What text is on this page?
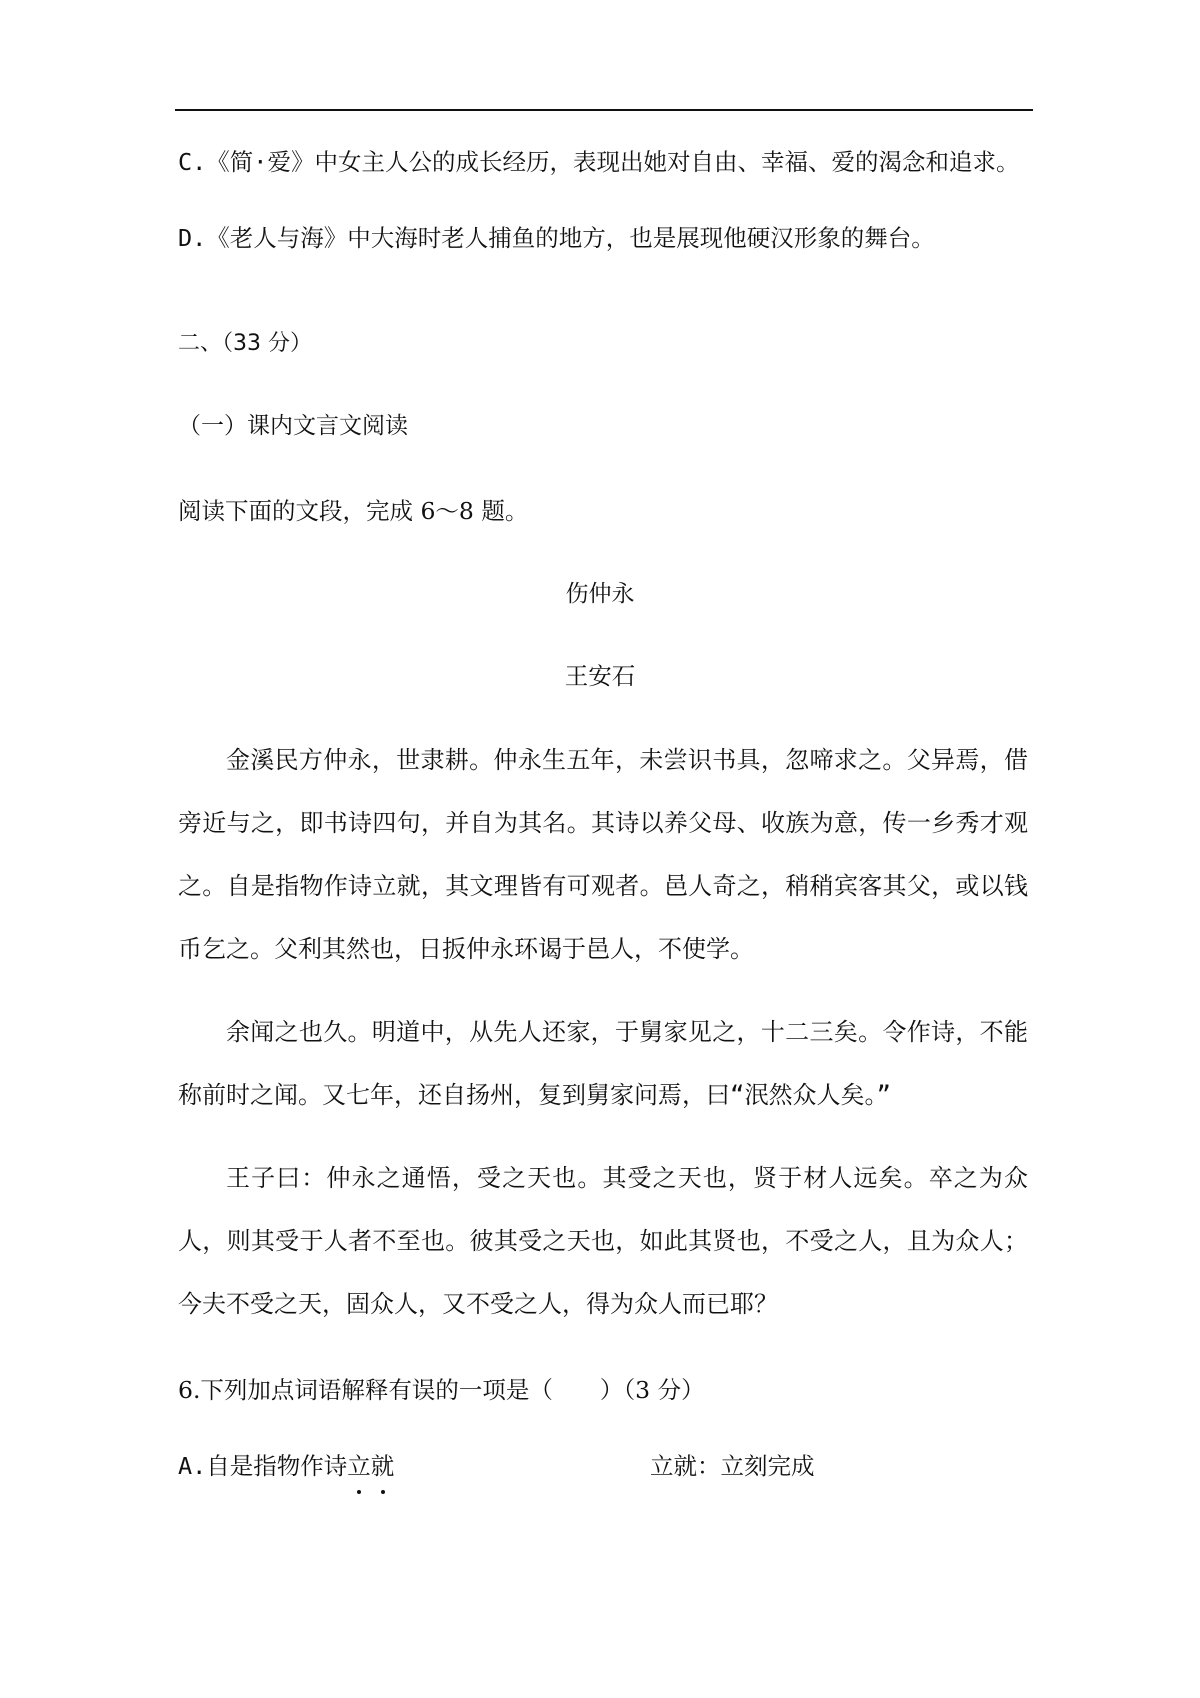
C.《简·爱》中女主人公的成长经历，表现出她对自由、幸福、爱的渴念和追求。
D.《老人与海》中大海时老人捕鱼的地方，也是展现他硬汉形象的舞台。
二、（33 分）
（一）课内文言文阅读
阅读下面的文段，完成 6～8 题。
伤仲永
王安石
金溪民方仲永，世隶耕。仲永生五年，未尝识书具，忽啼求之。父异焉，借旁近与之，即书诗四句，并自为其名。其诗以养父母、收族为意，传一乡秀才观之。自是指物作诗立就，其文理皆有可观者。邑人奇之，稍稍宾客其父，或以钱币乞之。父利其然也，日扳仲永环谒于邑人，不使学。
余闻之也久。明道中，从先人还家，于舅家见之，十二三矣。令作诗，不能称前时之闻。又七年，还自扬州，复到舅家问焉，曰“泯然众人矣。”
王子曰：仲永之通悟，受之天也。其受之天也，贤于材人远矣。卒之为众人，则其受于人者不至也。彼其受之天也，如此其贤也，不受之人，且为众人；今夫不受之天，固众人，又不受之人，得为众人而已耶？
6.下列加点词语解释有误的一项是（　　）（3 分）
A.自是指物作诗立就	立就：立刻完成
